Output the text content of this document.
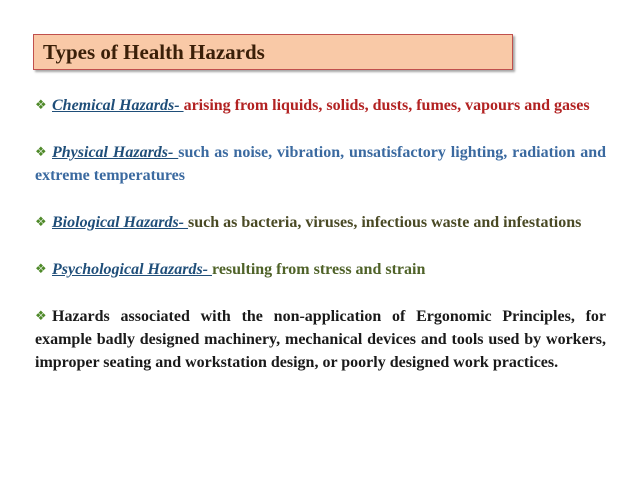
Types of Health Hazards

❖ Chemical Hazards- arising from liquids, solids, dusts, fumes, vapours and gases

❖ Physical Hazards- such as noise, vibration, unsatisfactory lighting, radiation and extreme temperatures

❖ Biological Hazards- such as bacteria, viruses, infectious waste and infestations

❖ Psychological Hazards- resulting from stress and strain

❖ Hazards associated with the non-application of Ergonomic Principles, for example badly designed machinery, mechanical devices and tools used by workers, improper seating and workstation design, or poorly designed work practices.
